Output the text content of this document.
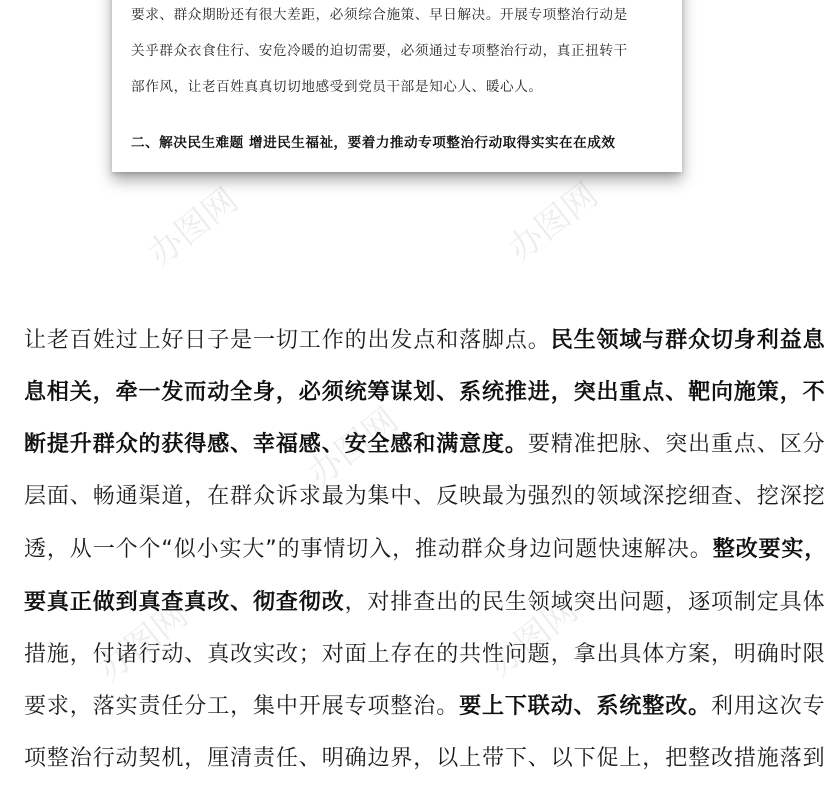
要求、群众期盼还有很大差距，必须综合施策、早日解决。开展专项整治行动是
关乎群众衣食住行、安危冷暖的迫切需要，必须通过专项整治行动，真正扭转干
部作风，让老百姓真真切切地感受到党员干部是知心人、暖心人。
二、解决民生难题 增进民生福祉，要着力推动专项整治行动取得实实在在成效
办图网	办图网
办图网
办图网	办图网
让老百姓过上好日子是一切工作的出发点和落脚点。民生领域与群众切身利益息
息相关，牵一发而动全身，必须统筹谋划、系统推进，突出重点、靶向施策，不
断提升群众的获得感、幸福感、安全感和满意度。要精准把脉、突出重点、区分
层面、畅通渠道，在群众诉求最为集中、反映最为强烈的领域深挖细查、挖深挖
透，从一个个“似小实大”的事情切入，推动群众身边问题快速解决。整改要实，
要真正做到真查真改、彻查彻改，对排查出的民生领域突出问题，逐项制定具体
措施，付诸行动、真改实改；对面上存在的共性问题，拿出具体方案，明确时限
要求，落实责任分工，集中开展专项整治。要上下联动、系统整改。利用这次专
项整治行动契机，厘清责任、明确边界，以上带下、以下促上，把整改措施落到
